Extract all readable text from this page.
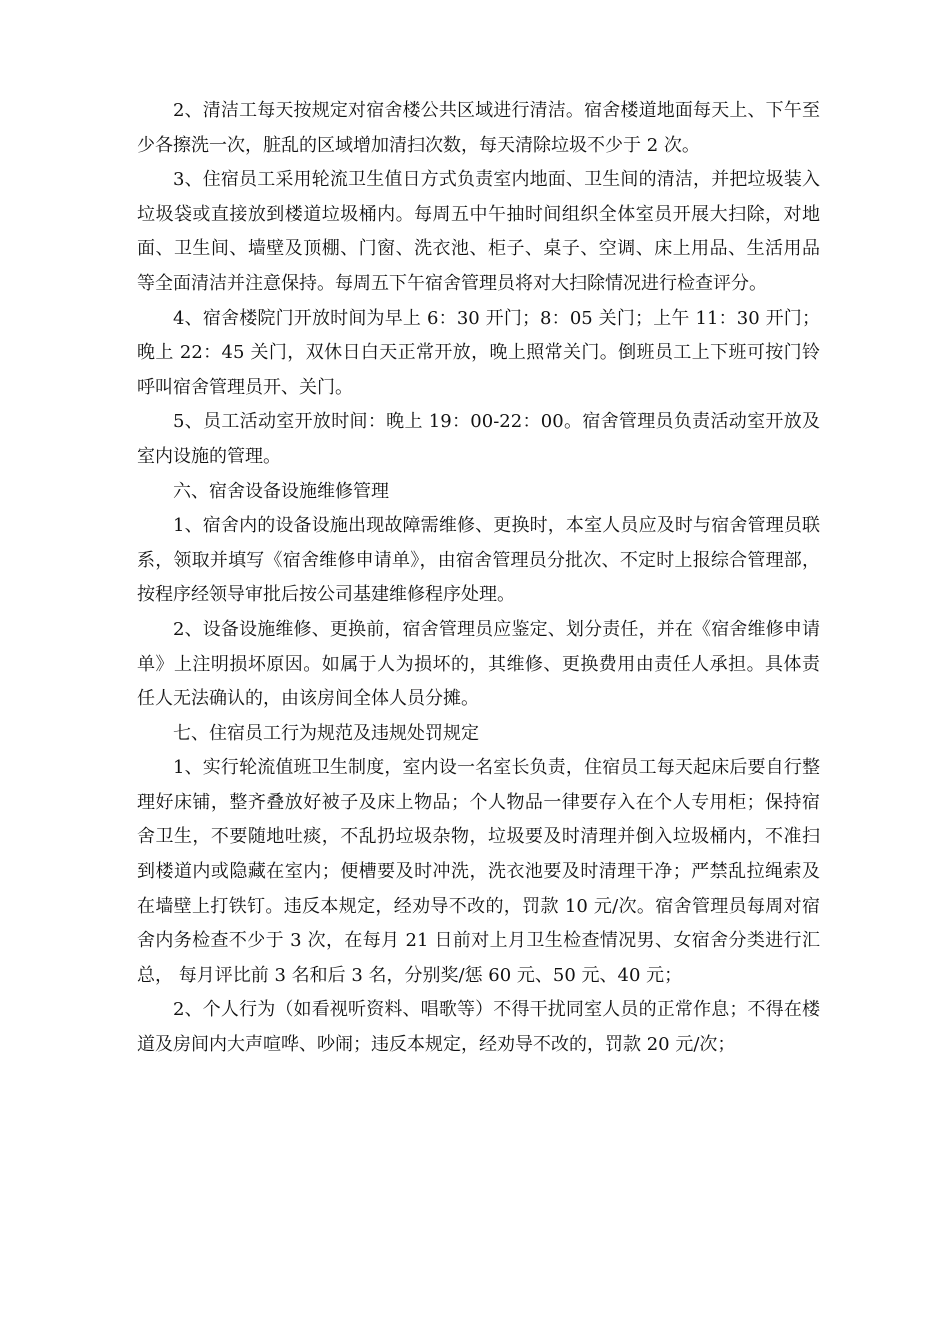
2、清洁工每天按规定对宿舍楼公共区域进行清洁。宿舍楼道地面每天上、下午至少各擦洗一次，脏乱的区域增加清扫次数，每天清除垃圾不少于 2 次。

3、住宿员工采用轮流卫生值日方式负责室内地面、卫生间的清洁，并把垃圾装入垃圾袋或直接放到楼道垃圾桶内。每周五中午抽时间组织全体室员开展大扫除，对地面、卫生间、墙壁及顶棚、门窗、洗衣池、柜子、桌子、空调、床上用品、生活用品等全面清洁并注意保持。每周五下午宿舍管理员将对大扫除情况进行检查评分。

4、宿舍楼院门开放时间为早上 6：30 开门；8：05 关门；上午 11：30 开门；晚上 22：45 关门，双休日白天正常开放，晚上照常关门。倒班员工上下班可按门铃呼叫宿舍管理员开、关门。

5、员工活动室开放时间：晚上 19：00-22：00。宿舍管理员负责活动室开放及室内设施的管理。

六、宿舍设备设施维修管理

1、宿舍内的设备设施出现故障需维修、更换时，本室人员应及时与宿舍管理员联系，领取并填写《宿舍维修申请单》，由宿舍管理员分批次、不定时上报综合管理部，按程序经领导审批后按公司基建维修程序处理。

2、设备设施维修、更换前，宿舍管理员应鉴定、划分责任，并在《宿舍维修申请单》上注明损坏原因。如属于人为损坏的，其维修、更换费用由责任人承担。具体责任人无法确认的，由该房间全体人员分摊。

七、住宿员工行为规范及违规处罚规定

1、实行轮流值班卫生制度，室内设一名室长负责，住宿员工每天起床后要自行整理好床铺，整齐叠放好被子及床上物品；个人物品一律要存入在个人专用柜；保持宿舍卫生，不要随地吐痰，不乱扔垃圾杂物，垃圾要及时清理并倒入垃圾桶内，不准扫到楼道内或隐藏在室内；便槽要及时冲洗，洗衣池要及时清理干净；严禁乱拉绳索及在墙壁上打铁钉。违反本规定，经劝导不改的，罚款 10 元/次。宿舍管理员每周对宿舍内务检查不少于 3 次，在每月 21 日前对上月卫生检查情况男、女宿舍分类进行汇总， 每月评比前 3 名和后 3 名，分别奖/惩 60 元、50 元、40 元；

2、个人行为（如看视听资料、唱歌等）不得干扰同室人员的正常作息；不得在楼道及房间内大声喧哗、吵闹；违反本规定，经劝导不改的，罚款 20 元/次；
